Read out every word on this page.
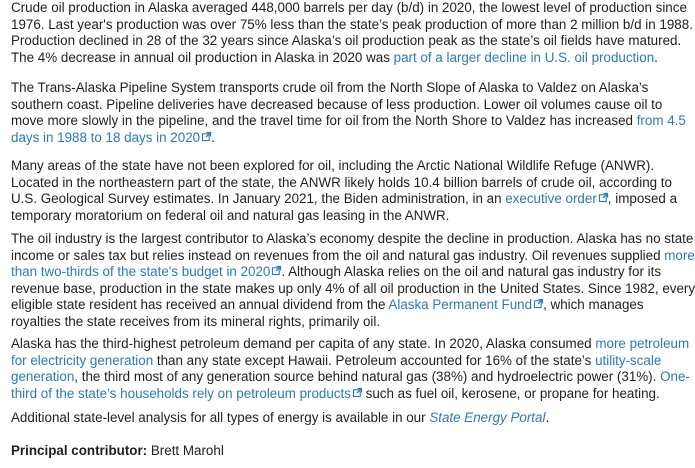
Crude oil production in Alaska averaged 448,000 barrels per day (b/d) in 2020, the lowest level of production since
1976. Last year's production was over 75% less than the state’s peak production of more than 2 million b/d in 1988.
Production declined in 28 of the 32 years since Alaska’s oil production peak as the state’s oil fields have matured.
The 4% decrease in annual oil production in Alaska in 2020 was part of a larger decline in U.S. oil production.

The Trans-Alaska Pipeline System transports crude oil from the North Slope of Alaska to Valdez on Alaska’s
southern coast. Pipeline deliveries have decreased because of less production. Lower oil volumes cause oil to
move more slowly in the pipeline, and the travel time for oil from the North Shore to Valdez has increased from 4.5
days in 1988 to 18 days in 2020 .

Many areas of the state have not been explored for oil, including the Arctic National Wildlife Refuge (ANWR).
Located in the northeastern part of the state, the ANWR likely holds 10.4 billion barrels of crude oil, according to
U.S. Geological Survey estimates. In January 2021, the Biden administration, in an executive order , imposed a
temporary moratorium on federal oil and natural gas leasing in the ANWR.

The oil industry is the largest contributor to Alaska’s economy despite the decline in production. Alaska has no state
income or sales tax but relies instead on revenues from the oil and natural gas industry. Oil revenues supplied more
than two-thirds of the state's budget in 2020 . Although Alaska relies on the oil and natural gas industry for its
revenue base, production in the state makes up only 4% of all oil production in the United States. Since 1982, every
eligible state resident has received an annual dividend from the Alaska Permanent Fund , which manages
royalties the state receives from its mineral rights, primarily oil.

Alaska has the third-highest petroleum demand per capita of any state. In 2020, Alaska consumed more petroleum
for electricity generation than any state except Hawaii. Petroleum accounted for 16% of the state’s utility-scale
generation, the third most of any generation source behind natural gas (38%) and hydroelectric power (31%). One-
third of the state’s households rely on petroleum products
such as fuel oil, kerosene, or propane for heating.

Additional state-level analysis for all types of energy is available in our State Energy Portal.

Principal contributor: Brett Marohl
